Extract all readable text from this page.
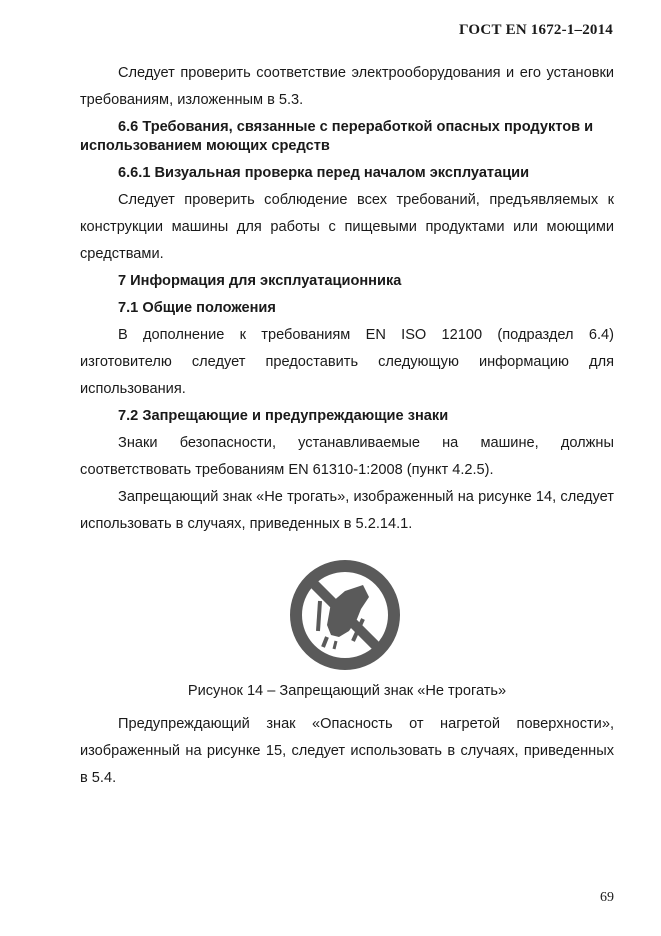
ГОСТ EN 1672-1–2014

Следует проверить соответствие электрооборудования и его установки требованиям, изложенным в 5.3.

6.6 Требования, связанные с переработкой опасных продуктов и использованием моющих средств
6.6.1 Визуальная проверка перед началом эксплуатации

Следует проверить соблюдение всех требований, предъявляемых к конструкции машины для работы с пищевыми продуктами или моющими средствами.

7 Информация для эксплуатационника
7.1 Общие положения

В дополнение к требованиям EN ISO 12100 (подраздел 6.4) изготовителю следует предоставить следующую информацию для использования.

7.2 Запрещающие и предупреждающие знаки

Знаки безопасности, устанавливаемые на машине, должны соответствовать требованиям EN 61310-1:2008 (пункт 4.2.5).

Запрещающий знак «Не трогать», изображенный на рисунке 14, следует использовать в случаях, приведенных в 5.2.14.1.

Рисунок 14 – Запрещающий знак «Не трогать»

Предупреждающий знак «Опасность от нагретой поверхности», изображенный на рисунке 15, следует использовать в случаях, приведенных в 5.4.

69
